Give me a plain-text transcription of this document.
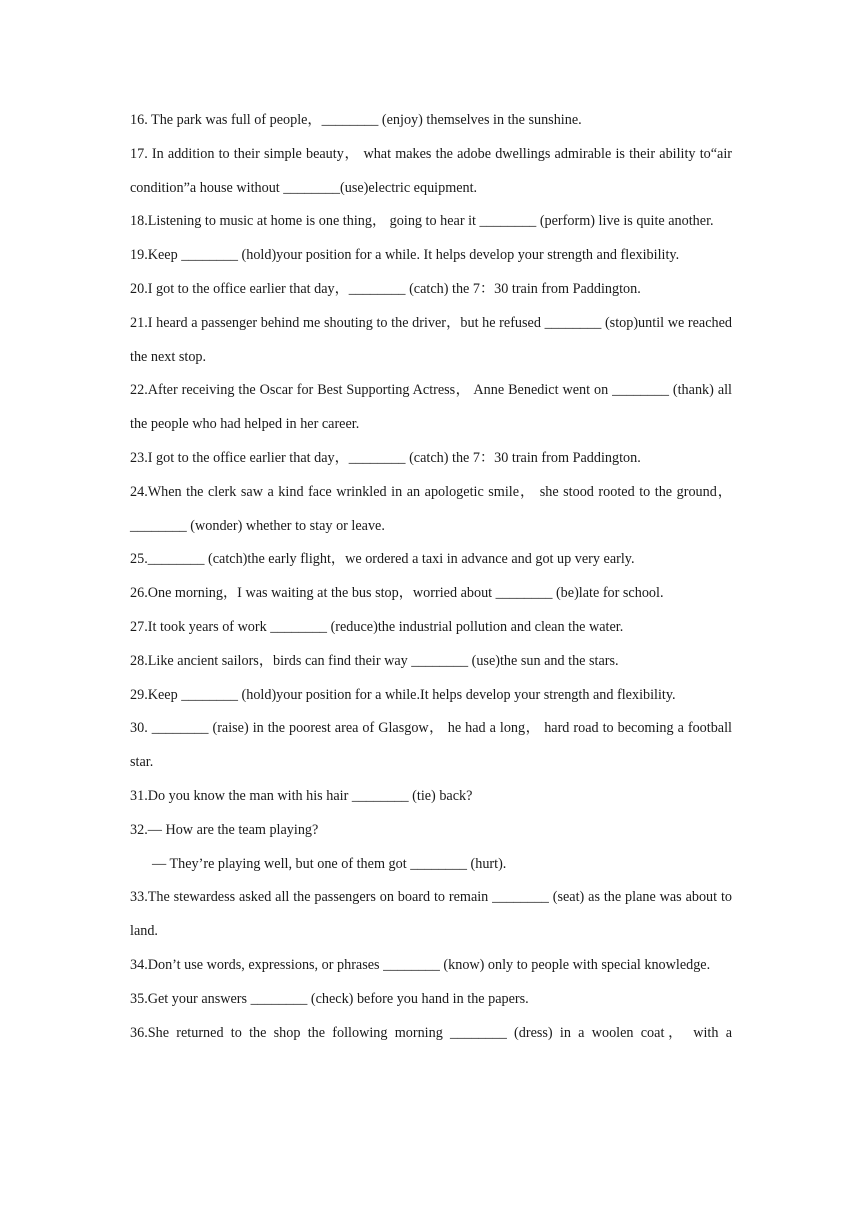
16. The park was full of people，________ (enjoy) themselves in the sunshine.

17. In addition to their simple beauty， what makes the adobe dwellings admirable is their ability to“air condition”a house without ________(use)electric equipment.

18.Listening to music at home is one thing， going to hear it ________ (perform) live is quite another.

19.Keep ________ (hold)your position for a while. It helps develop your strength and flexibility.

20.I got to the office earlier that day，________ (catch) the 7：30 train from Paddington.

21.I heard a passenger behind me shouting to the driver，but he refused ________ (stop)until we reached the next stop.

22.After receiving the Oscar for Best Supporting Actress， Anne Benedict went on ________ (thank) all the people who had helped in her career.

23.I got to the office earlier that day，________ (catch) the 7：30 train from Paddington.

24.When the clerk saw a kind face wrinkled in an apologetic smile， she stood rooted to the ground，________ (wonder) whether to stay or leave.

25.________ (catch)the early flight，we ordered a taxi in advance and got up very early.

26.One morning，I was waiting at the bus stop，worried about ________ (be)late for school.

27.It took years of work ________ (reduce)the industrial pollution and clean the water.

28.Like ancient sailors，birds can find their way ________ (use)the sun and the stars.

29.Keep ________ (hold)your position for a while.It helps develop your strength and flexibility.

30. ________ (raise) in the poorest area of Glasgow， he had a long， hard road to becoming a football star.

31.Do you know the man with his hair ________ (tie) back?

32.— How are the team playing?

— They’re playing well, but one of them got ________ (hurt).

33.The stewardess asked all the passengers on board to remain ________ (seat) as the plane was about to land.

34.Don’t use words, expressions, or phrases ________ (know) only to people with special knowledge.

35.Get your answers ________ (check) before you hand in the papers.

36.She returned to the shop the following morning ________ (dress) in a woolen coat， with a
